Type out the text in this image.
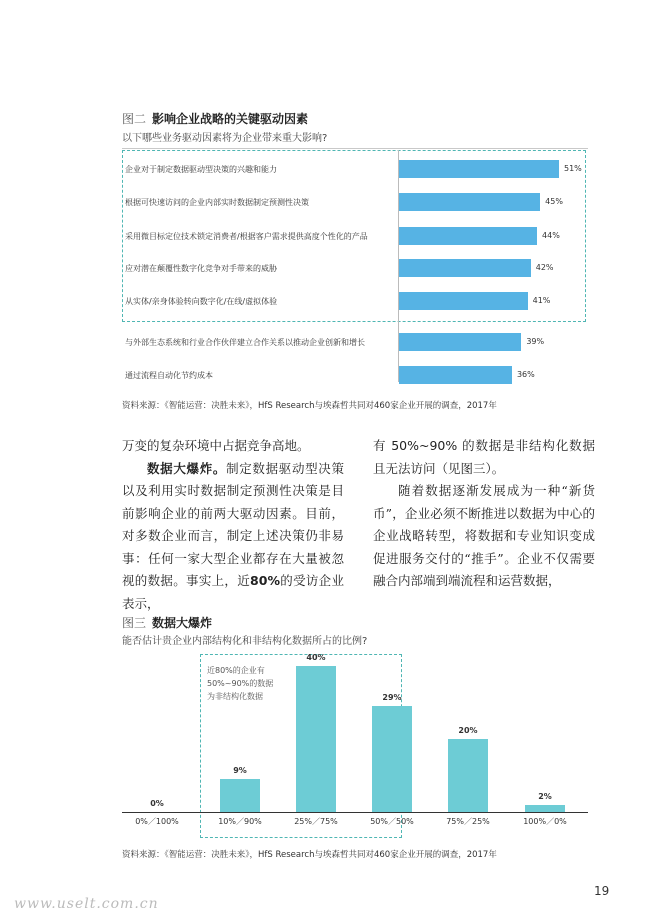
图二 影响企业战略的关键驱动因素
以下哪些业务驱动因素将为企业带来重大影响?
企业对于制定数据驱动型决策的兴趣和能力	51%
根据可快速访问的企业内部实时数据制定预测性决策	45%
采用微目标定位技术锁定消费者/根据客户需求提供高度个性化的产品	44%
应对潜在颠覆性数字化竞争对手带来的威胁	42%
从实体/亲身体验转向数字化/在线/虚拟体验	41%
与外部生态系统和行业合作伙伴建立合作关系以推动企业创新和增长	39%
通过流程自动化节约成本	36%
资料来源：《智能运营：决胜未来》，HfS Research与埃森哲共同对460家企业开展的调查，2017年

万变的复杂环境中占据竞争高地。

数据大爆炸。制定数据驱动型决策以及利用实时数据制定预测性决策是目前影响企业的前两大驱动因素。目前，对多数企业而言，制定上述决策仍非易事：任何一家大型企业都存在大量被忽视的数据。事实上，近80%的受访企业表示，

有 50%~90% 的数据是非结构化数据且无法访问（见图三）。

随着数据逐渐发展成为一种“新货币”，企业必须不断推进以数据为中心的企业战略转型，将数据和专业知识变成促进服务交付的“推手”。企业不仅需要融合内部端到端流程和运营数据，

图三 数据大爆炸
能否估计贵企业内部结构化和非结构化数据所占的比例?
近80%的企业有
50%~90%的数据
为非结构化数据
0%
0%／100%
9%
10%／90%
40%
25%／75%
29%
50%／50%
20%
75%／25%
2%
100%／0%
资料来源：《智能运营：决胜未来》，HfS Research与埃森哲共同对460家企业开展的调查，2017年
19
www.uselt.com.cn
